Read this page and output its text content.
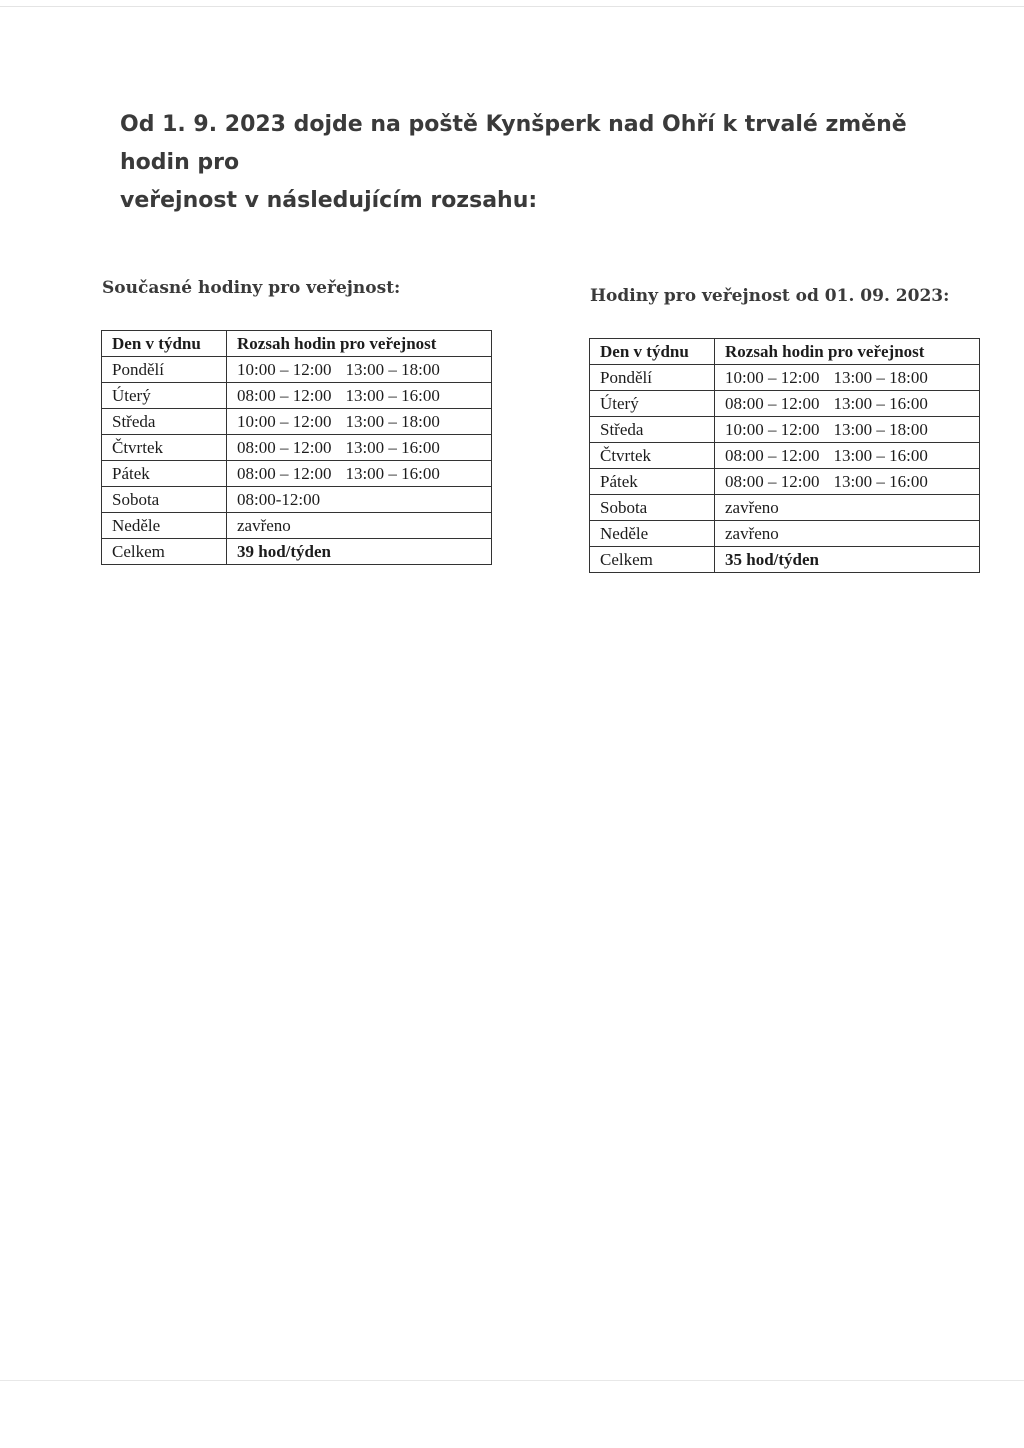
Od 1. 9. 2023 dojde na poště Kynšperk nad Ohří k trvalé změně hodin pro
veřejnost v následujícím rozsahu:
Současné hodiny pro veřejnost:
Den v týdnu	Rozsah hodin pro veřejnost
Pondělí	10:00 – 12:00 13:00 – 18:00
Úterý	08:00 – 12:00 13:00 – 16:00
Středa	10:00 – 12:00 13:00 – 18:00
Čtvrtek	08:00 – 12:00 13:00 – 16:00
Pátek	08:00 – 12:00 13:00 – 16:00
Sobota	08:00-12:00
Neděle	zavřeno
Celkem	39 hod/týden
Hodiny pro veřejnost od 01. 09. 2023:
Den v týdnu	Rozsah hodin pro veřejnost
Pondělí	10:00 – 12:00 13:00 – 18:00
Úterý	08:00 – 12:00 13:00 – 16:00
Středa	10:00 – 12:00 13:00 – 18:00
Čtvrtek	08:00 – 12:00 13:00 – 16:00
Pátek	08:00 – 12:00 13:00 – 16:00
Sobota	zavřeno
Neděle	zavřeno
Celkem	35 hod/týden
